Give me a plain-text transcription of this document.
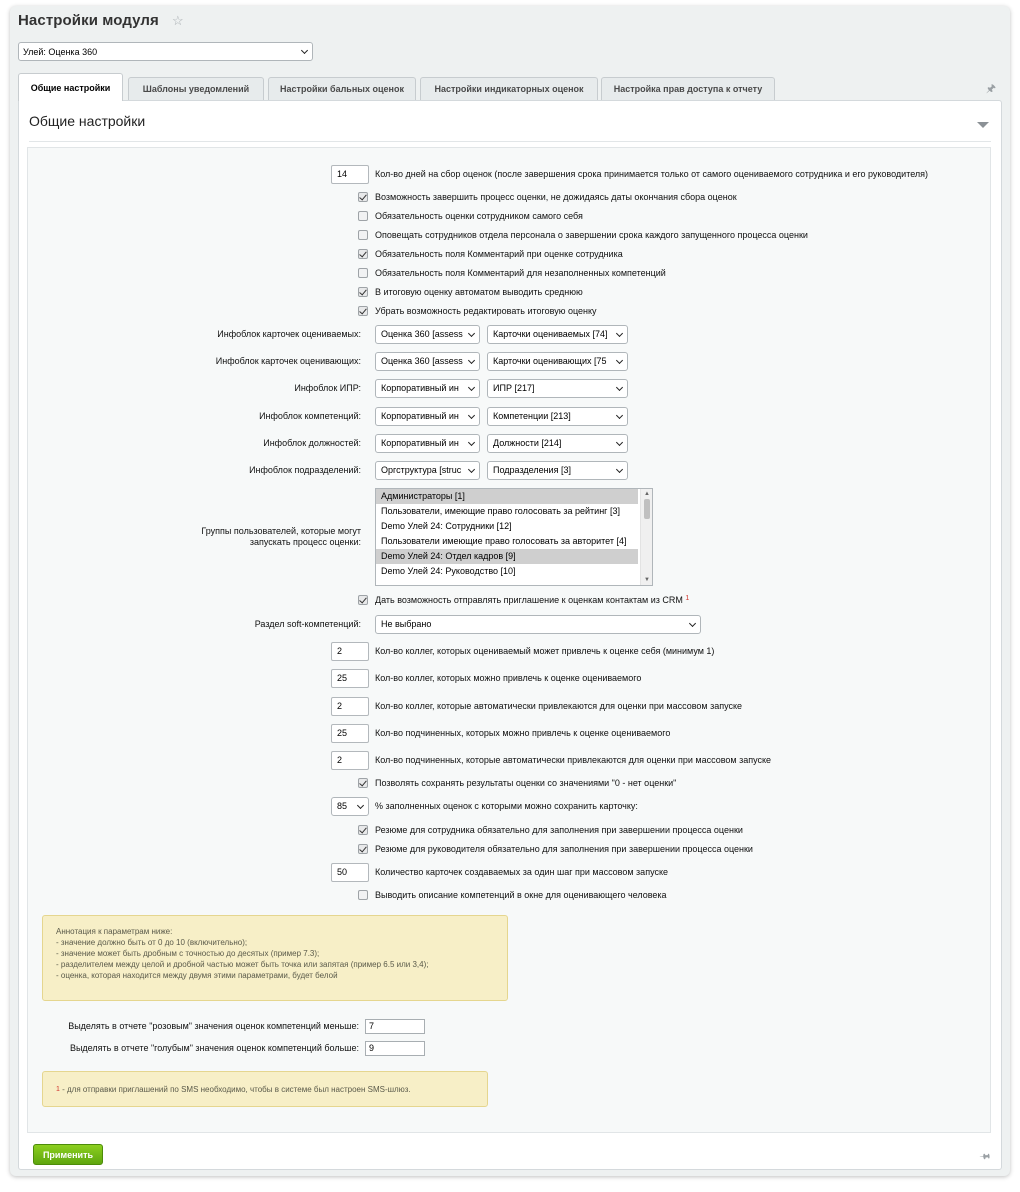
Настройки модуля ☆
Улей: Оценка 360
Общие настройки	Шаблоны уведомлений	Настройки бальных оценок	Настройки индикаторных оценок	Настройка прав доступа к отчету	🖈
Общие настройки
14	Кол-во дней на сбор оценок (после завершения срока принимается только от самого оцениваемого сотрудника и его руководителя)
Возможность завершить процесс оценки, не дожидаясь даты окончания сбора оценок
Обязательность оценки сотрудником самого себя
Оповещать сотрудников отдела персонала о завершении срока каждого запущенного процесса оценки
Обязательность поля Комментарий при оценке сотрудника
Обязательность поля Комментарий для незаполненных компетенций
В итоговую оценку автоматом выводить среднюю
Убрать возможность редактировать итоговую оценку
Инфоблок карточек оцениваемых: Оценка 360 [assess	Карточки оцениваемых [74]
Инфоблок карточек оценивающих: Оценка 360 [assess	Карточки оценивающих [75
Инфоблок ИПР: Корпоративный ин	ИПР [217]
Инфоблок компетенций: Корпоративный ин	Компетенции [213]
Инфоблок должностей: Корпоративный ин	Должности [214]
Инфоблок подразделений: Оргструктура [struc	Подразделения [3]
Группы пользователей, которые могут запускать процесс оценки:
Администраторы [1]
Пользователи, имеющие право голосовать за рейтинг [3]
Demo Улей 24: Сотрудники [12]
Пользователи имеющие право голосовать за авторитет [4]
Demo Улей 24: Отдел кадров [9]
Demo Улей 24: Руководство [10]
▲
▼
Дать возможность отправлять приглашение к оценкам контактам из CRM $^1$
Раздел soft-компетенций: Не выбрано
2	Кол-во коллег, которых оцениваемый может привлечь к оценке себя (минимум 1)
25	Кол-во коллег, которых можно привлечь к оценке оцениваемого
2	Кол-во коллег, которые автоматически привлекаются для оценки при массовом запуске
25	Кол-во подчиненных, которых можно привлечь к оценке оцениваемого
2	Кол-во подчиненных, которые автоматически привлекаются для оценки при массовом запуске
Позволять сохранять результаты оценки со значениями "0 - нет оценки"
85	% заполненных оценок с которыми можно сохранить карточку:
Резюме для сотрудника обязательно для заполнения при завершении процесса оценки
Резюме для руководителя обязательно для заполнения при завершении процесса оценки
50	Количество карточек создаваемых за один шаг при массовом запуске
Выводить описание компетенций в окне для оценивающего человека
Аннотация к параметрам ниже:
- значение должно быть от 0 до 10 (включительно);
- значение может быть дробным с точностью до десятых (пример 7.3);
- разделителем между целой и дробной частью может быть точка или запятая (пример 6.5 или 3,4);
- оценка, которая находится между двумя этими параметрами, будет белой
Выделять в отчете "розовым" значения оценок компетенций меньше:	7
Выделять в отчете "голубым" значения оценок компетенций больше:	9
1 - для отправки приглашений по SMS необходимо, чтобы в системе был настроен SMS-шлюз.
Применить	🖈
